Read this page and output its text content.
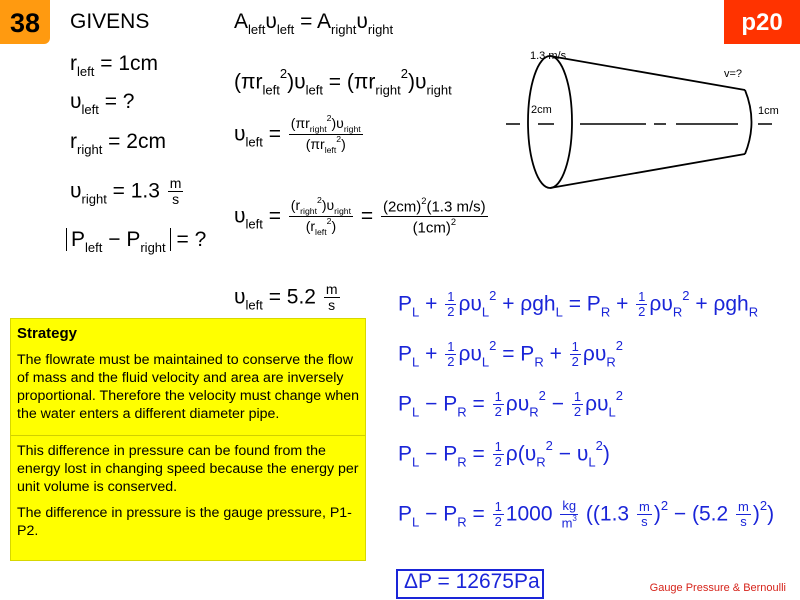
38	p20
GIVENS
$r_{left} = 1cm$
$\upsilon_{left}$ = ?
$r_{right} = 2cm$
$\upsilon_{right} = 1.3 \frac{m}{s}$
$P_{left} - P_{right}$ = ?
$A_{left}\upsilon_{left} = A_{right}\upsilon_{right}$
$(\pi r_{left}^2)\upsilon_{left} = (\pi r_{right}^2)\upsilon_{right}$
$\upsilon_{left} = \frac{(\pi r_{right}^2)\upsilon_{right}}{(\pi r_{left}^2)}$
$\upsilon_{left} = \frac{(r_{right}^2)\upsilon_{right}}{(r_{left}^2)} = \frac{(2cm)^2(1.3 m/s)}{(1cm)^2}$
$\upsilon_{left} = 5.2 \frac{m}{s}$
1.3 m/s
v=?
2cm	1cm
Strategy

The flowrate must be maintained to conserve the flow of mass and the fluid velocity and area are inversely proportional. Therefore the velocity must change when the water enters a different diameter pipe.

This difference in pressure can be found from the energy lost in changing speed because the energy per unit volume is conserved.

The difference in pressure is the gauge pressure, P1-P2.

$P_L + \frac{1}{2} \rho\upsilon_L^2 + \rho gh_L = P_R + \frac{1}{2} \rho\upsilon_R^2 + \rho gh_R$
$P_L + \frac{1}{2} \rho\upsilon_L^2 = P_R + \frac{1}{2} \rho\upsilon_R^2$
$P_L - P_R = \frac{1}{2} \rho\upsilon_R^2 - \frac{1}{2} \rho\upsilon_L^2$
$P_L - P_R = \frac{1}{2} \rho(\upsilon_R^2 - \upsilon_L^2)$
$P_L - P_R = \frac{1}{2} 1000 \frac{kg}{m^3} ((1.3 \frac{m}{s} )^2 - (5.2 \frac{m}{s} )^2)$
ΔP = 12675Pa	Gauge Pressure & Bernoulli
